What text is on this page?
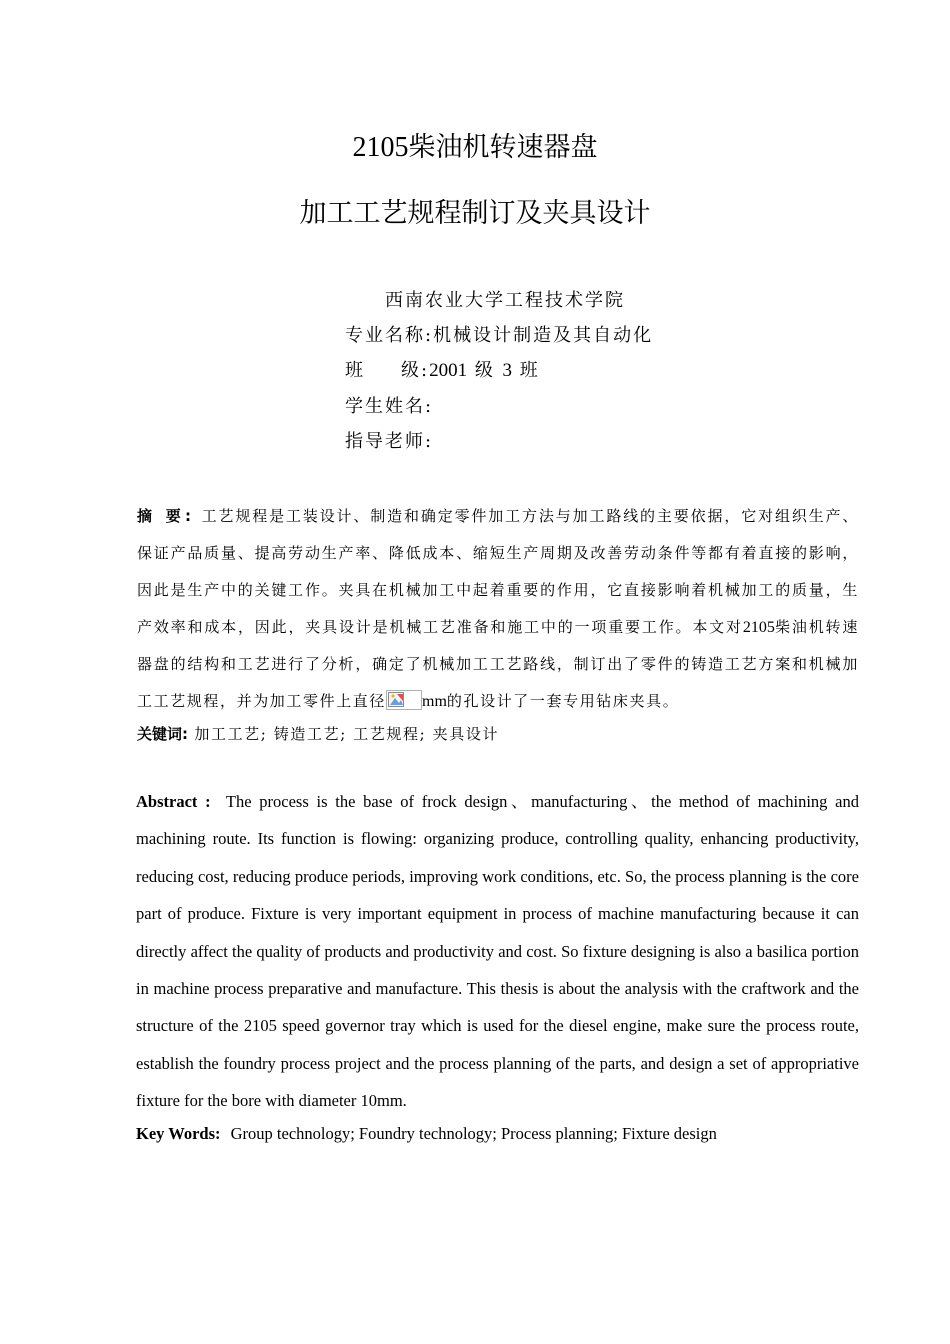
2105柴油机转速器盘
加工工艺规程制订及夹具设计
西南农业大学工程技术学院
专业名称:机械设计制造及其自动化
班 级:2001 级 3 班
学生姓名:
指导老师:
摘 要: 工艺规程是工装设计、制造和确定零件加工方法与加工路线的主要依据，它对组织生产、保证产品质量、提高劳动生产率、降低成本、缩短生产周期及改善劳动条件等都有着直接的影响，因此是生产中的关键工作。夹具在机械加工中起着重要的作用，它直接影响着机械加工的质量，生产效率和成本，因此，夹具设计是机械工艺准备和施工中的一项重要工作。本文对2105柴油机转速器盘的结构和工艺进行了分析，确定了机械加工工艺路线，制订出了零件的铸造工艺方案和机械加工工艺规程，并为加工零件上直径 mm的孔设计了一套专用钻床夹具。
关键词: 加工工艺; 铸造工艺; 工艺规程; 夹具设计
Abstract : The process is the base of frock design、manufacturing、the method of machining and machining route. Its function is flowing: organizing produce, controlling quality, enhancing productivity, reducing cost, reducing produce periods, improving work conditions, etc. So, the process planning is the core part of produce. Fixture is very important equipment in process of machine manufacturing because it can directly affect the quality of products and productivity and cost. So fixture designing is also a basilica portion in machine process preparative and manufacture. This thesis is about the analysis with the craftwork and the structure of the 2105 speed governor tray which is used for the diesel engine, make sure the process route, establish the foundry process project and the process planning of the parts, and design a set of appropriative fixture for the bore with diameter 10mm.
Key Words: Group technology; Foundry technology; Process planning; Fixture design
